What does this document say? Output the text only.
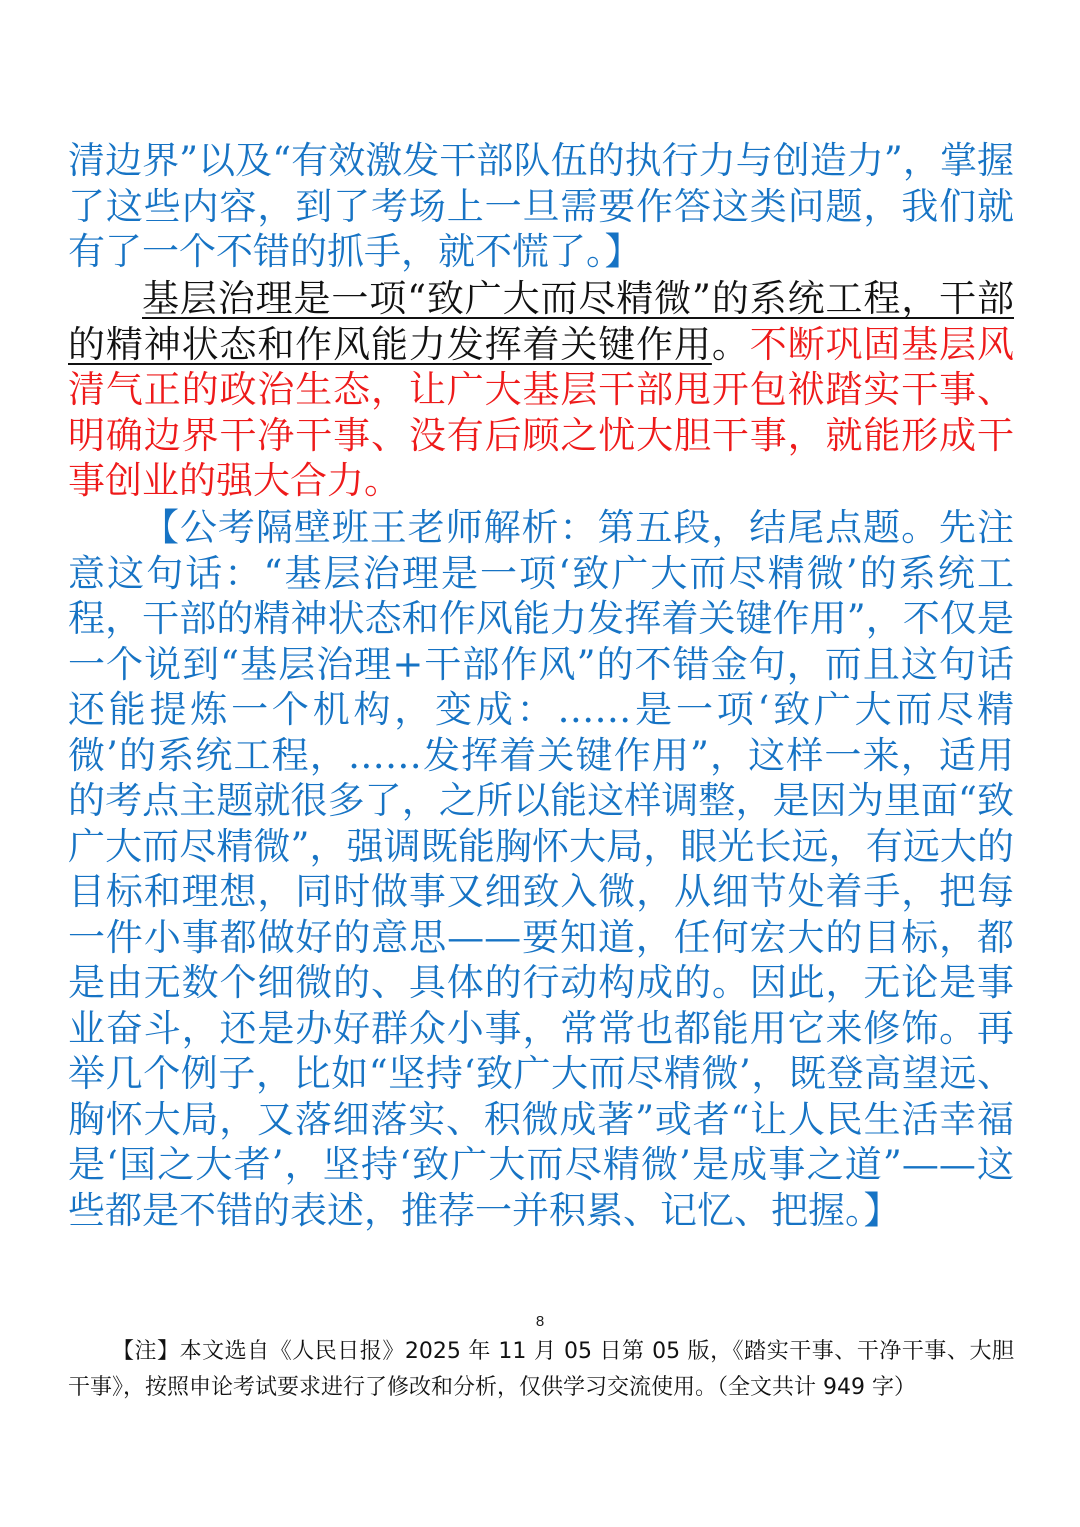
清边界”以及“有效激发干部队伍的执行力与创造力”，掌握了这些内容，到了考场上一旦需要作答这类问题，我们就有了一个不错的抓手，就不慌了。】

基层治理是一项“致广大而尽精微”的系统工程，干部的精神状态和作风能力发挥着关键作用。不断巩固基层风清气正的政治生态，让广大基层干部甩开包袱踏实干事、明确边界干净干事、没有后顾之忧大胆干事，就能形成干事创业的强大合力。

【公考隔壁班王老师解析：第五段，结尾点题。先注意这句话：“基层治理是一项‘致广大而尽精微’的系统工程，干部的精神状态和作风能力发挥着关键作用”，不仅是一个说到“基层治理+干部作风”的不错金句，而且这句话还能提炼一个机构，变成：……是一项‘致广大而尽精微’的系统工程，……发挥着关键作用”，这样一来，适用的考点主题就很多了，之所以能这样调整，是因为里面“致广大而尽精微”，强调既能胸怀大局，眼光长远，有远大的目标和理想，同时做事又细致入微，从细节处着手，把每一件小事都做好的意思——要知道，任何宏大的目标，都是由无数个细微的、具体的行动构成的。因此，无论是事业奋斗，还是办好群众小事，常常也都能用它来修饰。再举几个例子，比如“坚持‘致广大而尽精微’，既登高望远、胸怀大局，又落细落实、积微成著”或者“让人民生活幸福是‘国之大者’，坚持‘致广大而尽精微’是成事之道”——这些都是不错的表述，推荐一并积累、记忆、把握。】

8

【注】本文选自《人民日报》2025 年 11 月 05 日第 05 版，《踏实干事、干净干事、大胆干事》，按照申论考试要求进行了修改和分析，仅供学习交流使用。（全文共计 949 字）
